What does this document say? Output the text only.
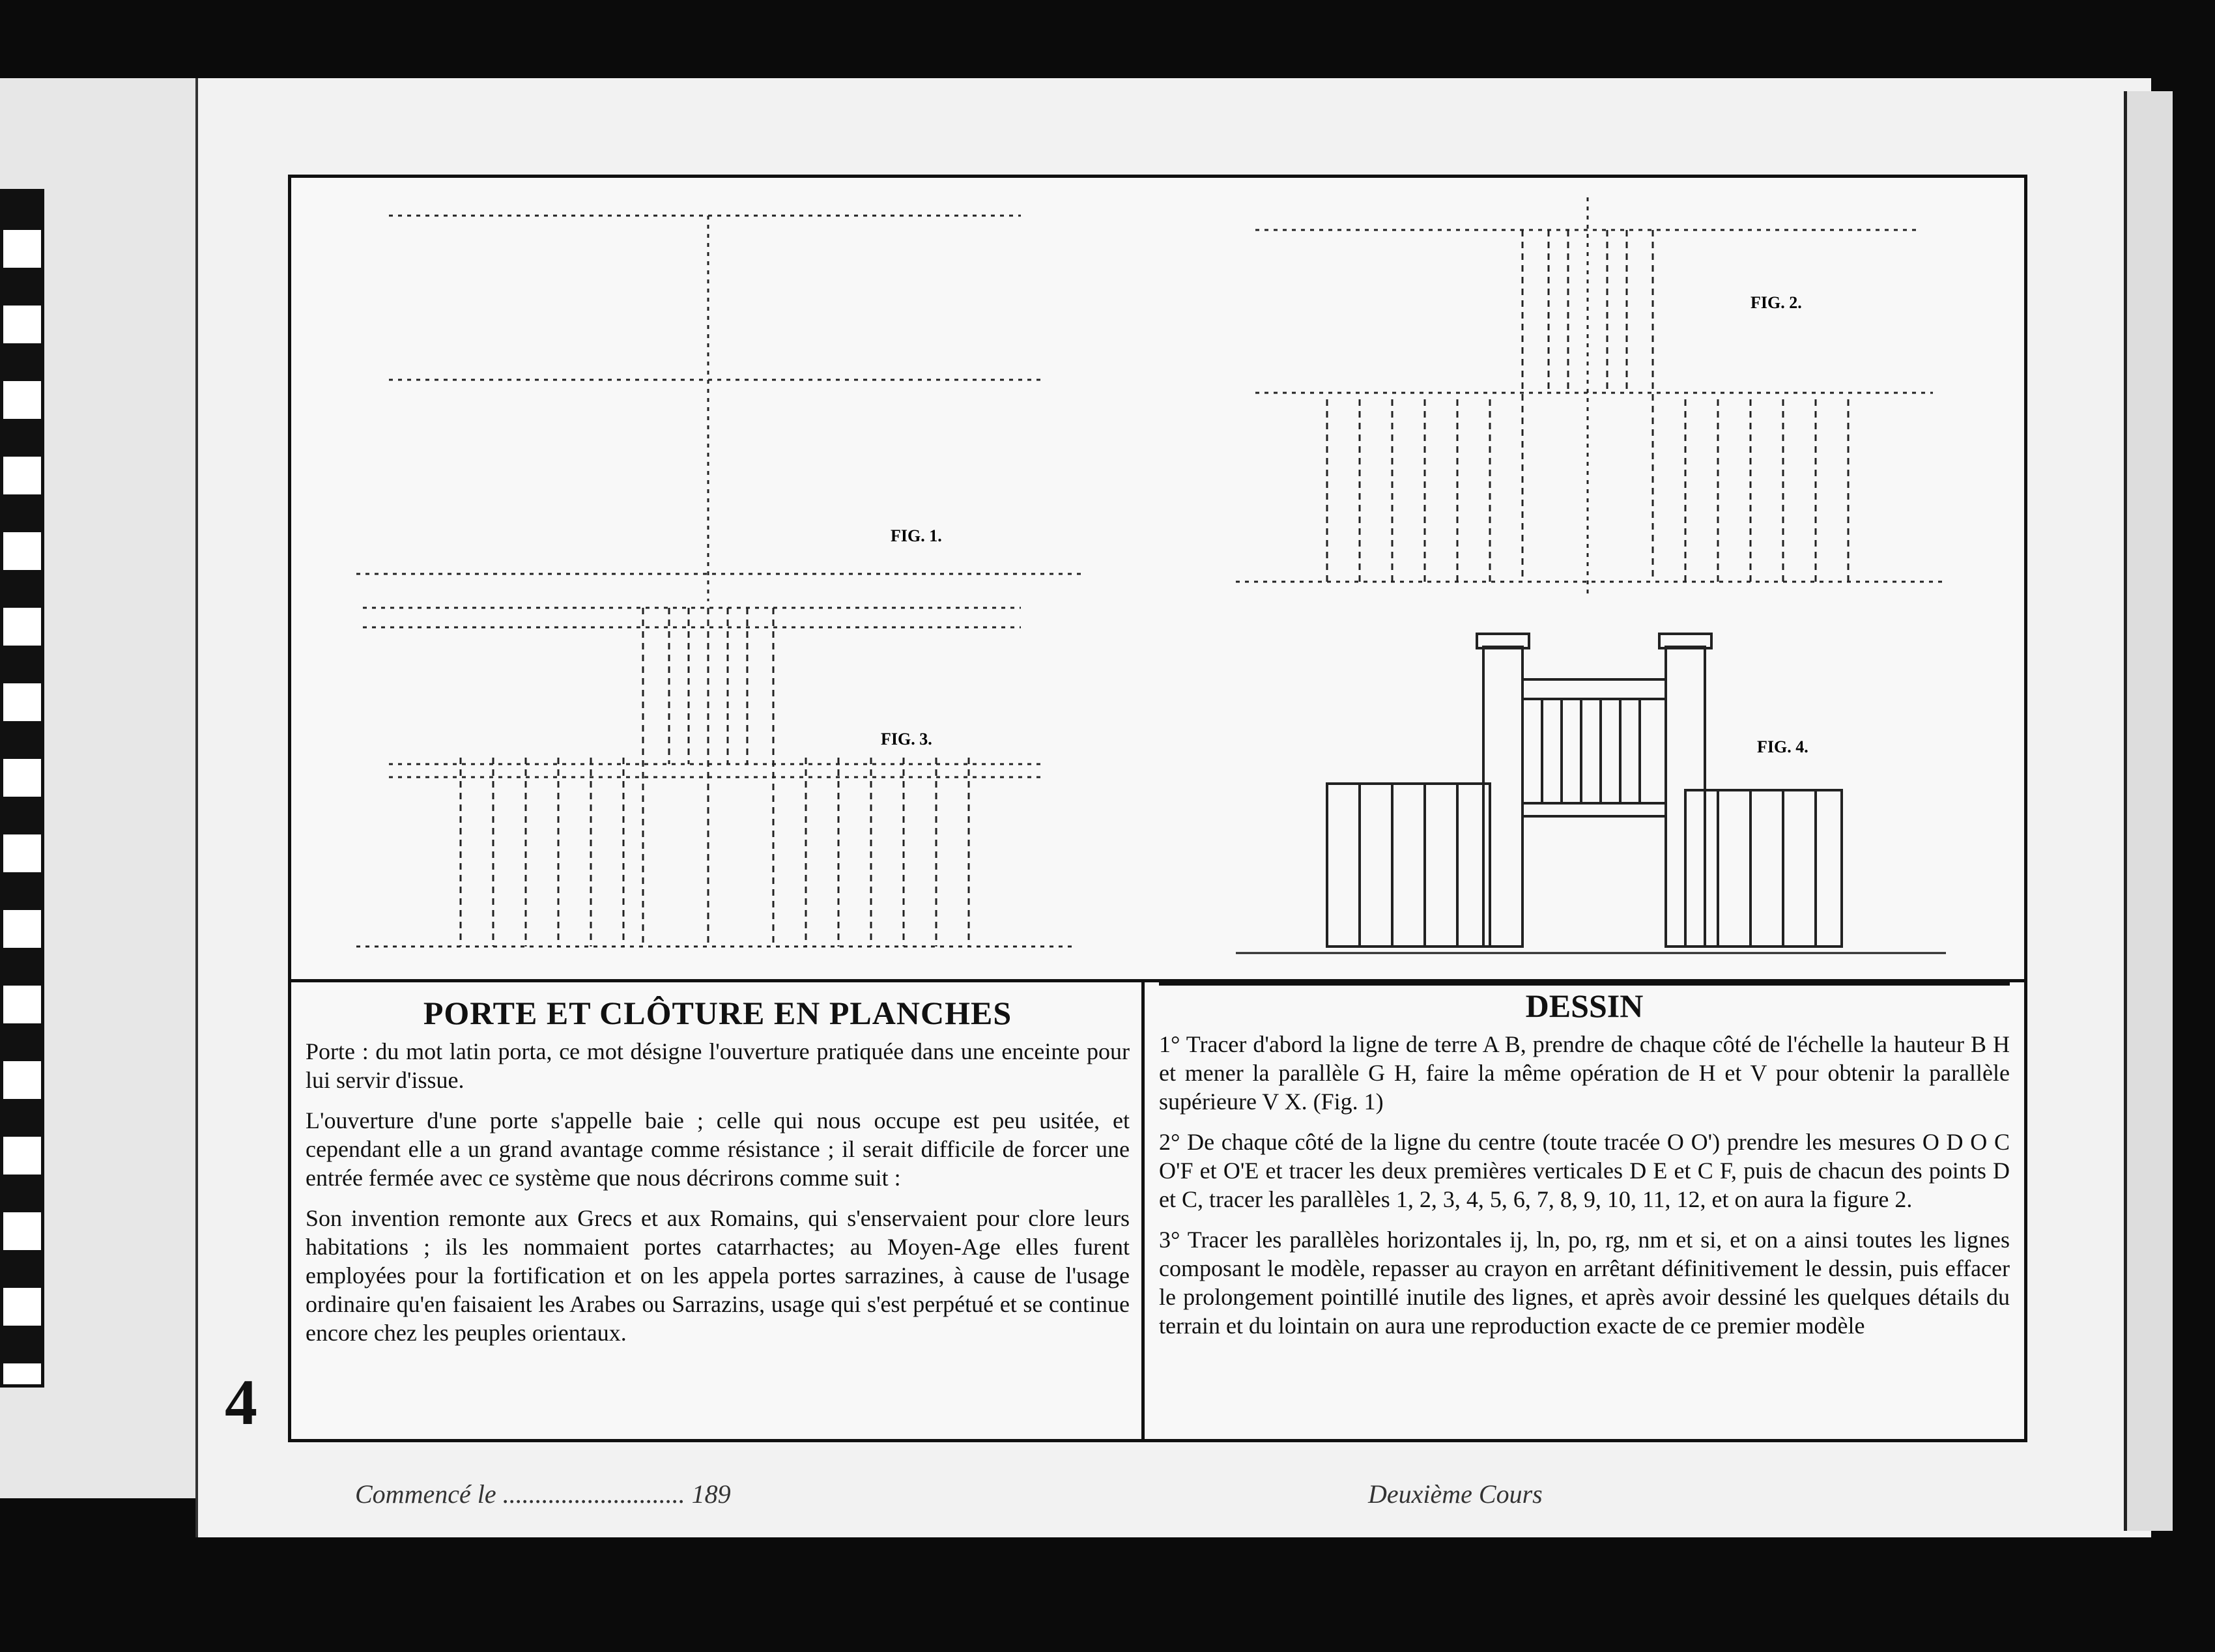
FIG. 1.
FIG. 2.
FIG. 3.	FIG. 4.
PORTE ET CLÔTURE EN PLANCHES

Porte : du mot latin porta, ce mot désigne l'ouverture pratiquée dans une enceinte pour lui servir d'issue.

L'ouverture d'une porte s'appelle baie ; celle qui nous occupe est peu usitée, et cependant elle a un grand avantage comme résistance ; il serait difficile de forcer une entrée fermée avec ce système que nous décrirons comme suit :

Son invention remonte aux Grecs et aux Romains, qui s'enservaient pour clore leurs habitations ; ils les nommaient portes catarrhactes; au Moyen-Age elles furent employées pour la fortification et on les appela portes sarrazines, à cause de l'usage ordinaire qu'en faisaient les Arabes ou Sarrazins, usage qui s'est perpétué et se continue encore chez les peuples orientaux.

DESSIN

1° Tracer d'abord la ligne de terre A B, prendre de chaque côté de l'échelle la hauteur B H et mener la parallèle G H, faire la même opération de H et V pour obtenir la parallèle supérieure V X. (Fig. 1)

2° De chaque côté de la ligne du centre (toute tracée O O') prendre les mesures O D O C O'F et O'E et tracer les deux premières verticales D E et C F, puis de chacun des points D et C, tracer les parallèles 1, 2, 3, 4, 5, 6, 7, 8, 9, 10, 11, 12, et on aura la figure 2.

3° Tracer les parallèles horizontales ij, ln, po, rg, nm et si, et on a ainsi toutes les lignes composant le modèle, repasser au crayon en arrêtant définitivement le dessin, puis effacer le prolongement pointillé inutile des lignes, et après avoir dessiné les quelques détails du terrain et du lointain on aura une reproduction exacte de ce premier modèle

4
Commencé le ............................ 189	Deuxième Cours
